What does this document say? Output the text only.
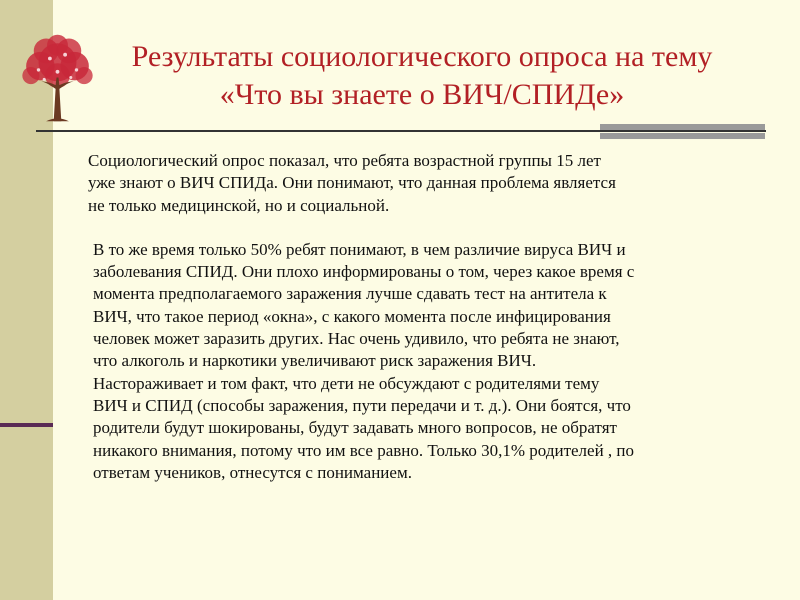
Результаты социологического опроса на тему
«Что вы знаете о ВИЧ/СПИДе»

Социологический опрос показал, что ребята возрастной группы 15 лет
уже знают о ВИЧ СПИДа. Они понимают, что данная проблема является
не только медицинской, но и социальной.

В то же время только 50% ребят понимают, в чем различие вируса ВИЧ и
заболевания СПИД. Они плохо информированы о том, через какое время с
момента предполагаемого заражения лучше сдавать тест на антитела к
ВИЧ, что такое период «окна», с какого момента после инфицирования
человек может заразить других. Нас очень удивило, что ребята не знают,
что алкоголь и наркотики увеличивают риск заражения ВИЧ.
Настораживает и том факт, что дети не обсуждают с родителями тему
ВИЧ и СПИД (способы заражения, пути передачи и т. д.). Они боятся, что
родители будут шокированы, будут задавать много вопросов, не обратят
никакого внимания, потому что им все равно. Только 30,1% родителей , по
ответам учеников, отнесутся с пониманием.
